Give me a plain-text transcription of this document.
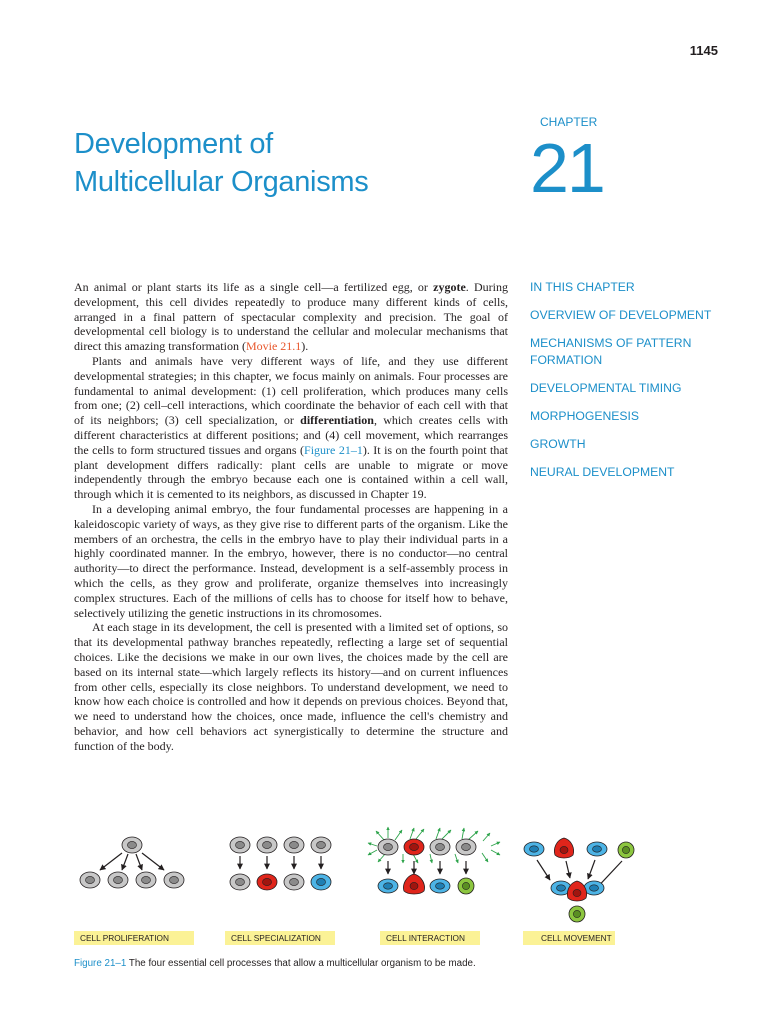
1145
Development of
Multicellular Organisms
CHAPTER
21
IN THIS CHAPTER
OVERVIEW OF DEVELOPMENT
MECHANISMS OF PATTERN FORMATION
DEVELOPMENTAL TIMING
MORPHOGENESIS
GROWTH
NEURAL DEVELOPMENT

An animal or plant starts its life as a single cell—a fertilized egg, or zygote. During development, this cell divides repeatedly to produce many different kinds of cells, arranged in a final pattern of spectacular complexity and precision. The goal of developmental cell biology is to understand the cellular and molecular mechanisms that direct this amazing transformation (Movie 21.1).

Plants and animals have very different ways of life, and they use different developmental strategies; in this chapter, we focus mainly on animals. Four processes are fundamental to animal development: (1) cell proliferation, which produces many cells from one; (2) cell–cell interactions, which coordinate the behavior of each cell with that of its neighbors; (3) cell specialization, or differentiation, which creates cells with different characteristics at different positions; and (4) cell movement, which rearranges the cells to form structured tissues and organs (Figure 21–1). It is on the fourth point that plant development differs radically: plant cells are unable to migrate or move independently through the embryo because each one is contained within a cell wall, through which it is cemented to its neighbors, as discussed in Chapter 19.

In a developing animal embryo, the four fundamental processes are happening in a kaleidoscopic variety of ways, as they give rise to different parts of the organism. Like the members of an orchestra, the cells in the embryo have to play their individual parts in a highly coordinated manner. In the embryo, however, there is no conductor—no central authority—to direct the performance. Instead, development is a self-assembly process in which the cells, as they grow and proliferate, organize themselves into increasingly complex structures. Each of the millions of cells has to choose for itself how to behave, selectively utilizing the genetic instructions in its chromosomes.

At each stage in its development, the cell is presented with a limited set of options, so that its developmental pathway branches repeatedly, reflecting a large set of sequential choices. Like the decisions we make in our own lives, the choices made by the cell are based on its internal state—which largely reflects its history—and on current influences from other cells, especially its close neighbors. To understand development, we need to know how each choice is controlled and how it depends on previous choices. Beyond that, we need to understand how the choices, once made, influence the cell's chemistry and behavior, and how cell behaviors act synergistically to determine the structure and function of the body.

CELL PROLIFERATION	CELL SPECIALIZATION	CELL INTERACTION	CELL MOVEMENT
Figure 21–1 The four essential cell processes that allow a multicellular organism to be made.
